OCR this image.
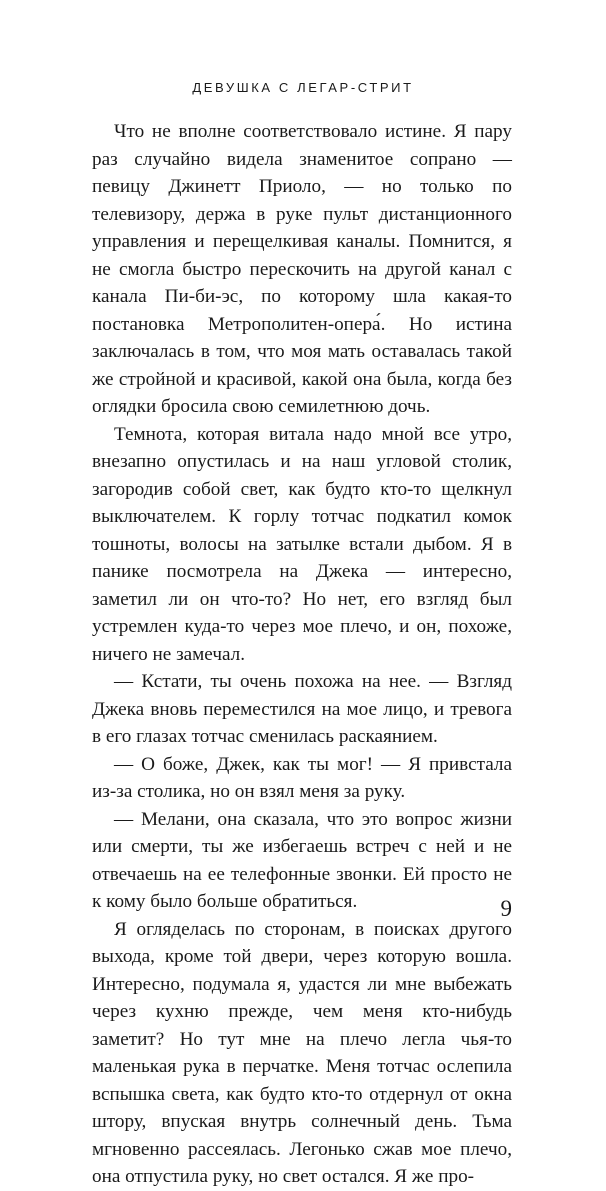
ДЕВУШКА С ЛЕГАР-СТРИТ

Что не вполне соответствовало истине. Я пару раз случайно видела знаменитое сопрано — певицу Джинетт Приоло, — но только по телевизору, держа в руке пульт дистанционного управления и перещелкивая каналы. Помнится, я не смогла быстро перескочить на другой канал с канала Пи-би-эс, по которому шла какая-то постановка Метрополитен-опера́. Но истина заключалась в том, что моя мать оставалась такой же стройной и красивой, какой она была, когда без оглядки бросила свою семилетнюю дочь.

Темнота, которая витала надо мной все утро, внезапно опустилась и на наш угловой столик, загородив собой свет, как будто кто-то щелкнул выключателем. К горлу тотчас подкатил комок тошноты, волосы на затылке встали дыбом. Я в панике посмотрела на Джека — интересно, заметил ли он что-то? Но нет, его взгляд был устремлен куда-то через мое плечо, и он, похоже, ничего не замечал.

— Кстати, ты очень похожа на нее. — Взгляд Джека вновь переместился на мое лицо, и тревога в его глазах тотчас сменилась раскаянием.

— О боже, Джек, как ты мог! — Я привстала из-за столика, но он взял меня за руку.

— Мелани, она сказала, что это вопрос жизни или смерти, ты же избегаешь встреч с ней и не отвечаешь на ее телефонные звонки. Ей просто не к кому было больше обратиться.

Я огляделась по сторонам, в поисках другого выхода, кроме той двери, через которую вошла. Интересно, подумала я, удастся ли мне выбежать через кухню прежде, чем меня кто-нибудь заметит? Но тут мне на плечо легла чья-то маленькая рука в перчатке. Меня тотчас ослепила вспышка света, как будто кто-то отдернул от окна штору, впуская внутрь солнечный день. Тьма мгновенно рассеялась. Легонько сжав мое плечо, она отпустила руку, но свет остался. Я же про-

9
